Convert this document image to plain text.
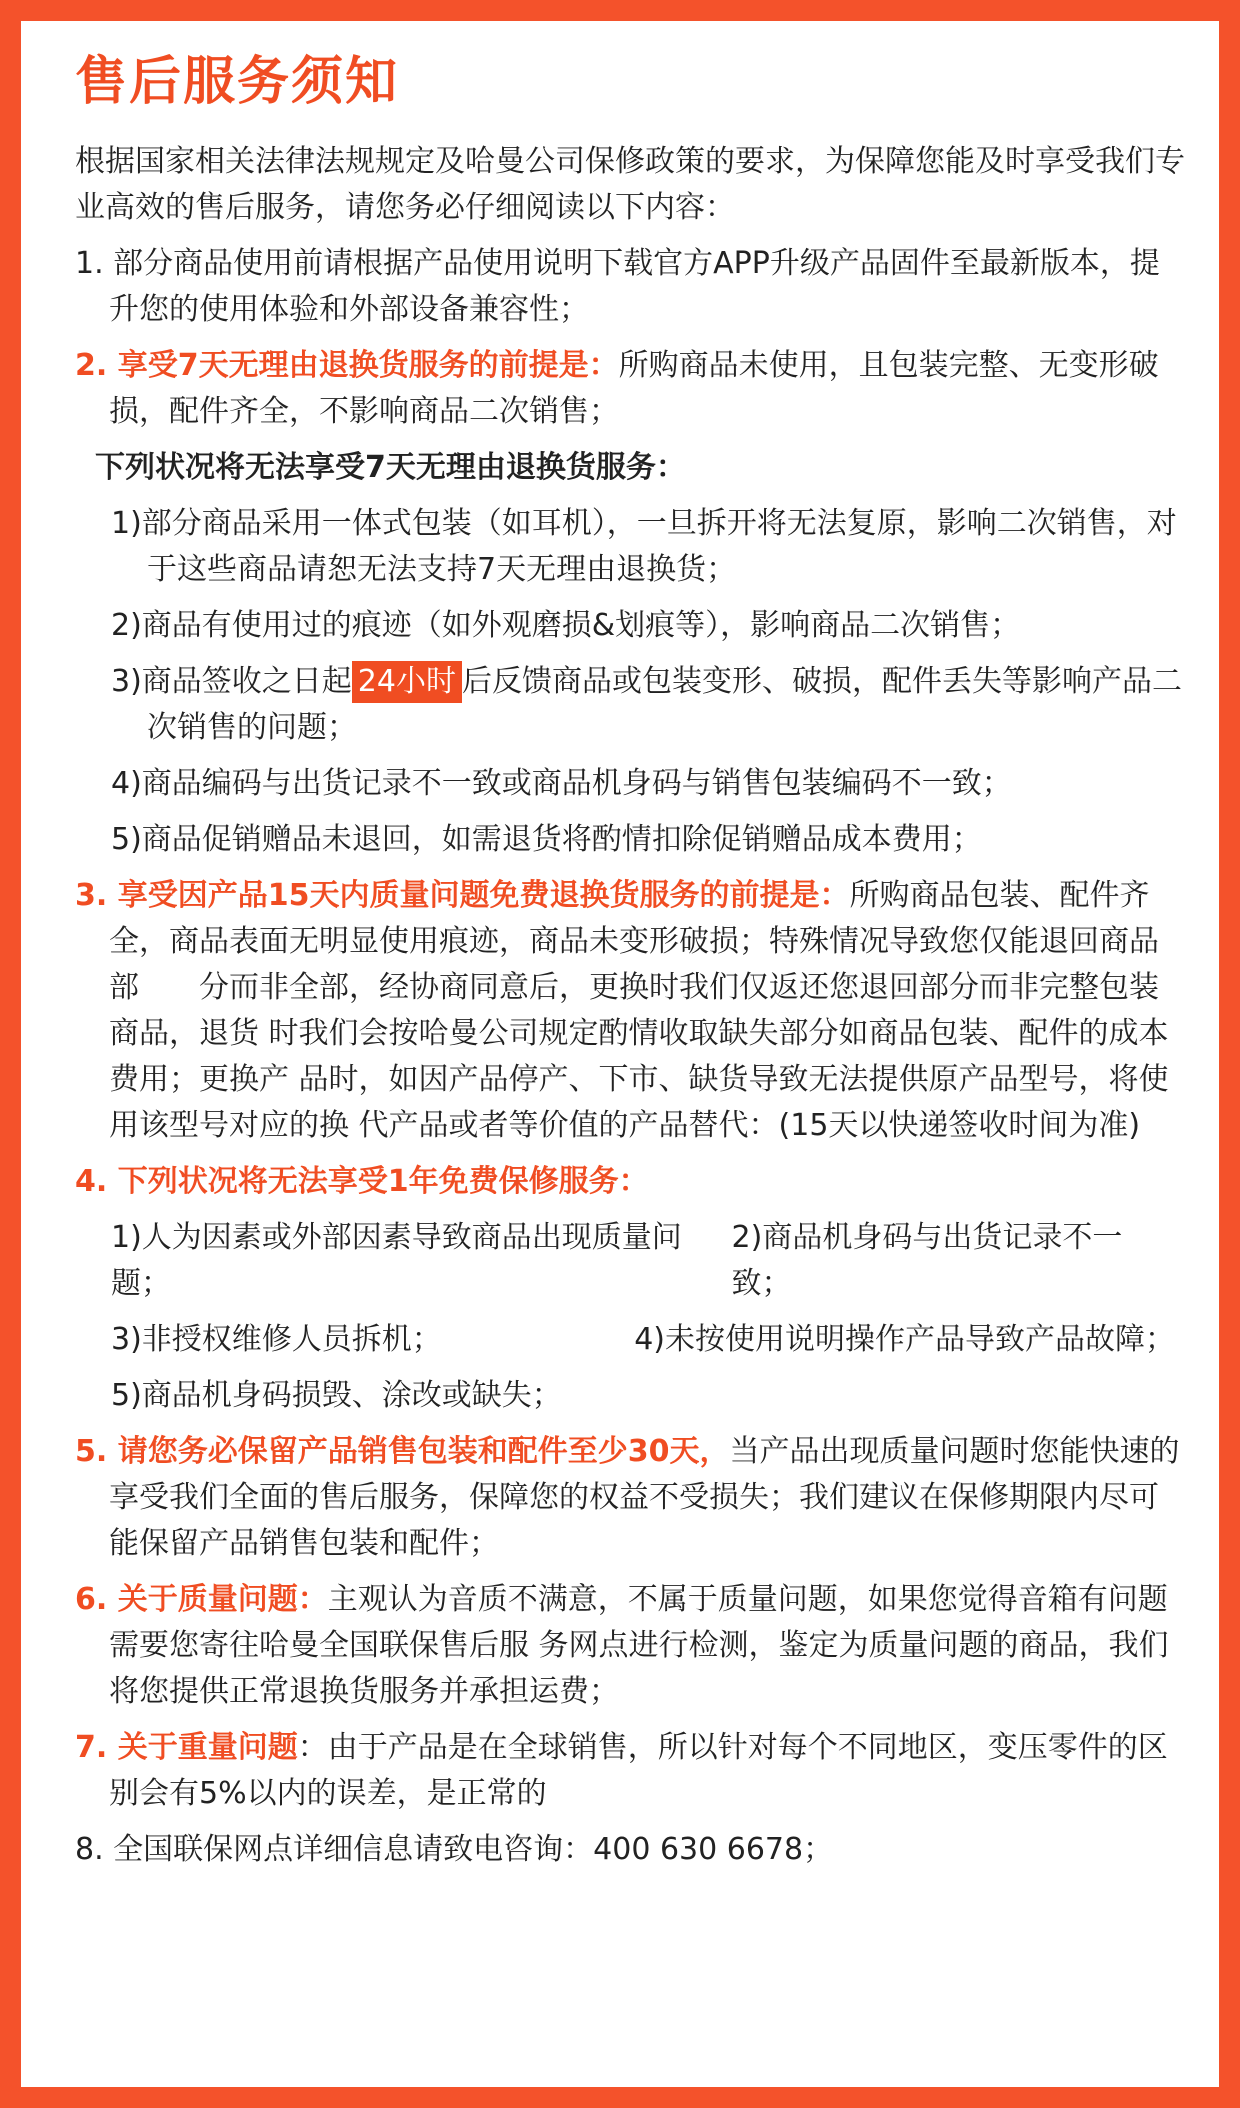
售后服务须知
根据国家相关法律法规规定及哈曼公司保修政策的要求，为保障您能及时享受我们专业高效的售后服务，请您务必仔细阅读以下内容：
1. 部分商品使用前请根据产品使用说明下载官方APP升级产品固件至最新版本，提升您的使用体验和外部设备兼容性；
2. 享受7天无理由退换货服务的前提是：所购商品未使用，且包装完整、无变形破损，配件齐全，不影响商品二次销售；
下列状况将无法享受7天无理由退换货服务：
1)部分商品采用一体式包装（如耳机），一旦拆开将无法复原，影响二次销售，对于这些商品请恕无法支持7天无理由退换货；
2)商品有使用过的痕迹（如外观磨损&划痕等），影响商品二次销售；
3)商品签收之日起 24小时 后反馈商品或包装变形、破损，配件丢失等影响产品二次销售的问题；
4)商品编码与出货记录不一致或商品机身码与销售包装编码不一致；
5)商品促销赠品未退回，如需退货将酌情扣除促销赠品成本费用；
3. 享受因产品15天内质量问题免费退换货服务的前提是：所购商品包装、配件齐全，商品表面无明显使用痕迹，商品未变形破损；特殊情况导致您仅能退回商品部　　分而非全部，经协商同意后，更换时我们仅返还您退回部分而非完整包装商品，退货 时我们会按哈曼公司规定酌情收取缺失部分如商品包装、配件的成本费用；更换产 品时，如因产品停产、下市、缺货导致无法提供原产品型号，将使用该型号对应的换 代产品或者等价值的产品替代：(15天以快递签收时间为准)
4. 下列状况将无法享受1年免费保修服务：
1)人为因素或外部因素导致商品出现质量问题；
2)商品机身码与出货记录不一致；
3)非授权维修人员拆机；	4)未按使用说明操作产品导致产品故障；
5)商品机身码损毁、涂改或缺失；
5. 请您务必保留产品销售包装和配件至少30天，当产品出现质量问题时您能快速的享受我们全面的售后服务，保障您的权益不受损失；我们建议在保修期限内尽可能保留产品销售包装和配件；
6. 关于质量问题：主观认为音质不满意，不属于质量问题，如果您觉得音箱有问题需要您寄往哈曼全国联保售后服 务网点进行检测，鉴定为质量问题的商品，我们将您提供正常退换货服务并承担运费；
7. 关于重量问题：由于产品是在全球销售，所以针对每个不同地区，变压零件的区别会有5%以内的误差，是正常的
8. 全国联保网点详细信息请致电咨询：400 630 6678；
